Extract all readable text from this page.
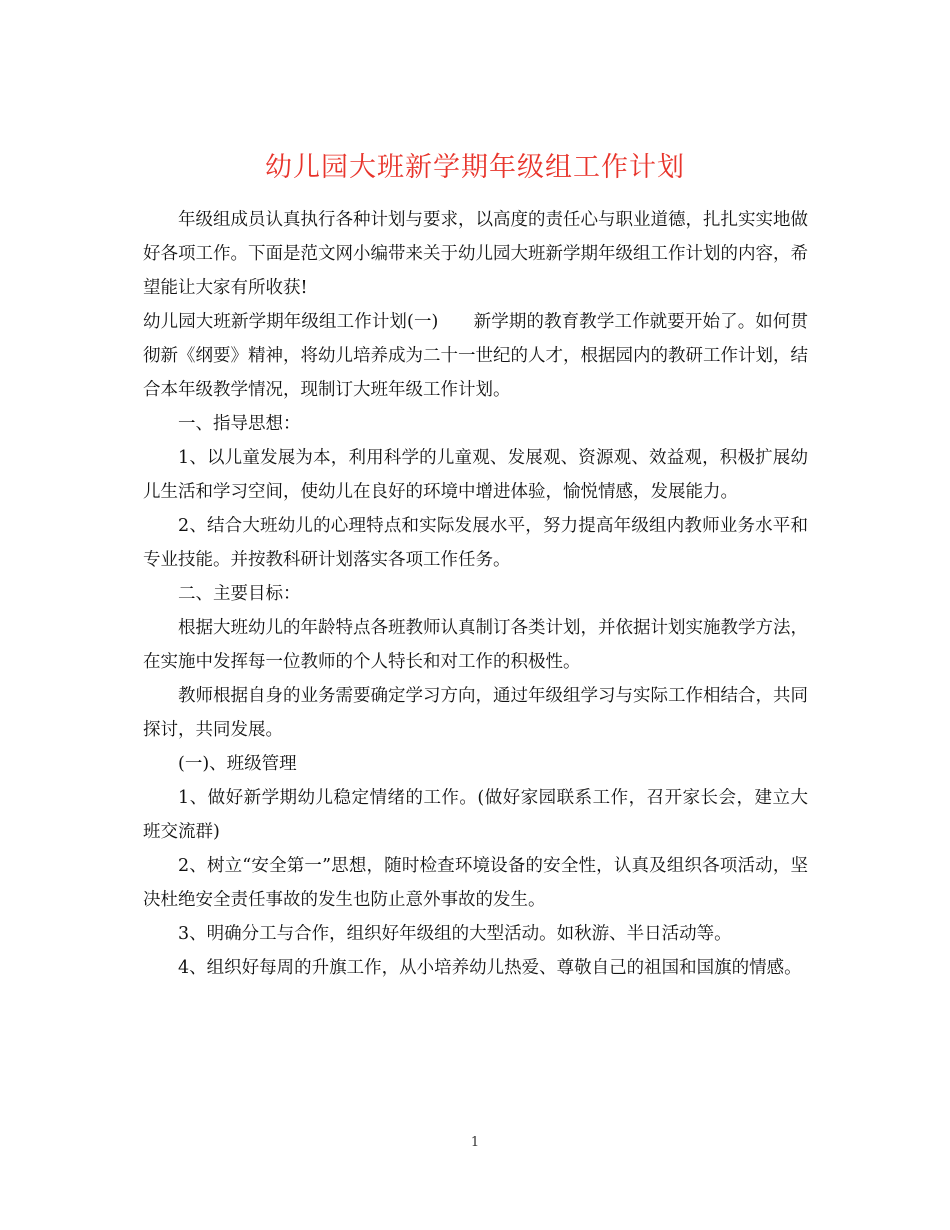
幼儿园大班新学期年级组工作计划

年级组成员认真执行各种计划与要求，以高度的责任心与职业道德，扎扎实实地做好各项工作。下面是范文网小编带来关于幼儿园大班新学期年级组工作计划的内容，希望能让大家有所收获!

幼儿园大班新学期年级组工作计划(一)　　新学期的教育教学工作就要开始了。如何贯彻新《纲要》精神，将幼儿培养成为二十一世纪的人才，根据园内的教研工作计划，结合本年级教学情况，现制订大班年级工作计划。

一、指导思想：

1、以儿童发展为本，利用科学的儿童观、发展观、资源观、效益观，积极扩展幼儿生活和学习空间，使幼儿在良好的环境中增进体验，愉悦情感，发展能力。

2、结合大班幼儿的心理特点和实际发展水平，努力提高年级组内教师业务水平和专业技能。并按教科研计划落实各项工作任务。

二、主要目标：

根据大班幼儿的年龄特点各班教师认真制订各类计划，并依据计划实施教学方法，在实施中发挥每一位教师的个人特长和对工作的积极性。

教师根据自身的业务需要确定学习方向，通过年级组学习与实际工作相结合，共同探讨，共同发展。

(一)、班级管理

1、做好新学期幼儿稳定情绪的工作。(做好家园联系工作，召开家长会，建立大班交流群)

2、树立“安全第一”思想，随时检查环境设备的安全性，认真及组织各项活动，坚决杜绝安全责任事故的发生也防止意外事故的发生。

3、明确分工与合作，组织好年级组的大型活动。如秋游、半日活动等。

4、组织好每周的升旗工作，从小培养幼儿热爱、尊敬自己的祖国和国旗的情感。

1
